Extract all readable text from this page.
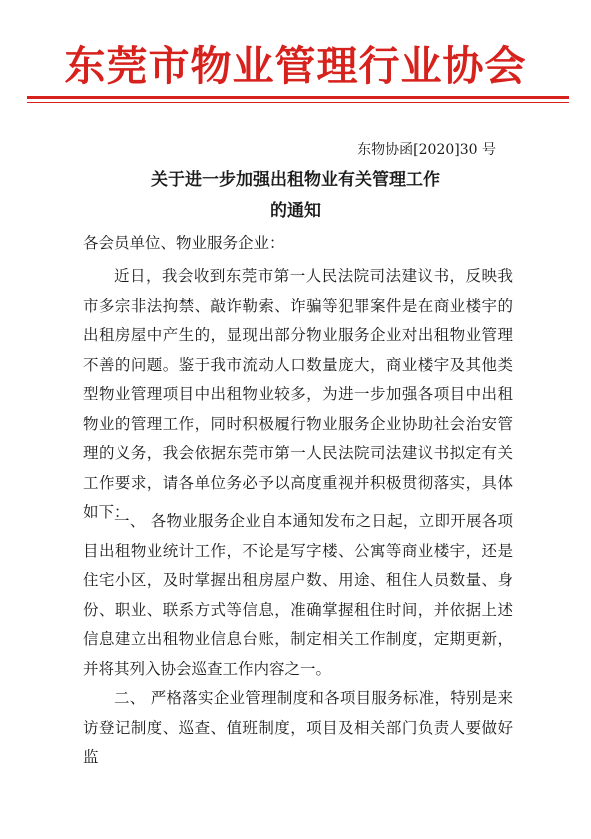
东莞市物业管理行业协会
东物协函[2020]30 号
关于进一步加强出租物业有关管理工作
的通知
各会员单位、物业服务企业：
近日，我会收到东莞市第一人民法院司法建议书，反映我市多宗非法拘禁、敲诈勒索、诈骗等犯罪案件是在商业楼宇的出租房屋中产生的，显现出部分物业服务企业对出租物业管理不善的问题。鉴于我市流动人口数量庞大，商业楼宇及其他类型物业管理项目中出租物业较多，为进一步加强各项目中出租物业的管理工作，同时积极履行物业服务企业协助社会治安管理的义务，我会依据东莞市第一人民法院司法建议书拟定有关工作要求，请各单位务必予以高度重视并积极贯彻落实，具体如下：
一、 各物业服务企业自本通知发布之日起，立即开展各项目出租物业统计工作，不论是写字楼、公寓等商业楼宇，还是住宅小区，及时掌握出租房屋户数、用途、租住人员数量、身份、职业、联系方式等信息，准确掌握租住时间，并依据上述信息建立出租物业信息台账，制定相关工作制度，定期更新，并将其列入协会巡查工作内容之一。
二、 严格落实企业管理制度和各项目服务标准，特别是来访登记制度、巡查、值班制度，项目及相关部门负责人要做好监
